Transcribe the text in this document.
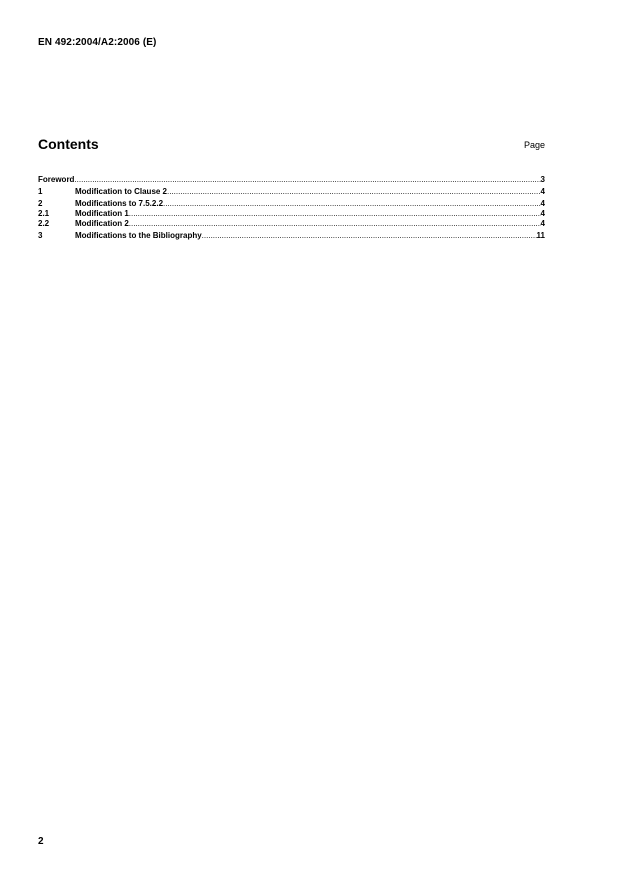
EN 492:2004/A2:2006 (E)
Contents	Page
Foreword .....	3
1	Modification to Clause 2 .....	4
2	Modifications to 7.5.2.2 .....	4
2.1	Modification 1 .....	4
2.2	Modification 2 .....	4
3	Modifications to the Bibliography .....	11
2
